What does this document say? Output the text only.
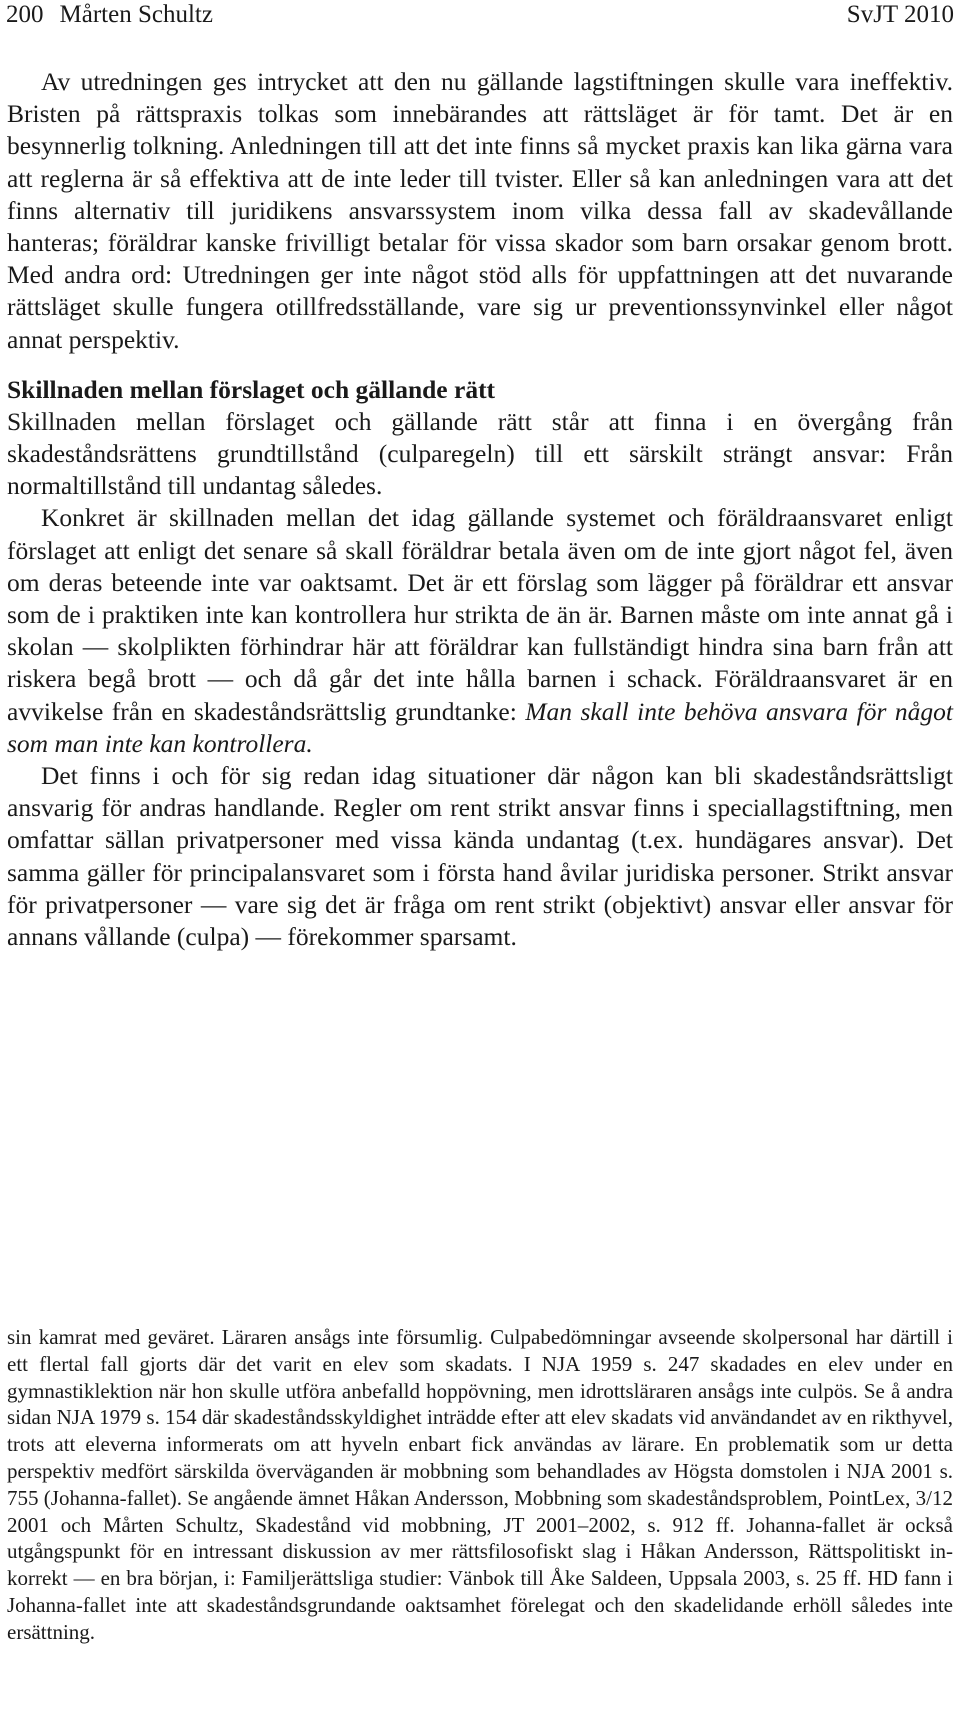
200 Mårten Schultz	SvJT 2010

Av utredningen ges intrycket att den nu gällande lagstiftningen skulle vara ineffektiv. Bristen på rättspraxis tolkas som innebärandes att rättsläget är för tamt. Det är en besynnerlig tolkning. Anledningen till att det inte finns så mycket praxis kan lika gärna vara att reglerna är så effektiva att de inte leder till tvister. Eller så kan anledningen vara att det finns alternativ till juridikens ansvarssystem inom vilka dessa fall av skadevållande hanteras; föräldrar kanske frivilligt betalar för vissa skador som barn orsakar genom brott. Med andra ord: Utredningen ger inte något stöd alls för uppfattningen att det nuvarande rättsläget skulle fungera otillfredsställande, vare sig ur preventionssynvinkel eller något annat perspektiv.

Skillnaden mellan förslaget och gällande rätt

Skillnaden mellan förslaget och gällande rätt står att finna i en övergång från skadeståndsrättens grundtillstånd (culparegeln) till ett särskilt strängt ansvar: Från normaltillstånd till undantag således.

Konkret är skillnaden mellan det idag gällande systemet och föräldraansvaret enligt förslaget att enligt det senare så skall föräldrar betala även om de inte gjort något fel, även om deras beteende inte var oaktsamt. Det är ett förslag som lägger på föräldrar ett ansvar som de i praktiken inte kan kontrollera hur strikta de än är. Barnen måste om inte annat gå i skolan — skolplikten förhindrar här att föräldrar kan fullständigt hindra sina barn från att riskera begå brott — och då går det inte hålla barnen i schack. Föräldraansvaret är en avvikelse från en skadeståndsrättslig grundtanke: Man skall inte behöva ansvara för något som man inte kan kontrollera.

Det finns i och för sig redan idag situationer där någon kan bli skadeståndsrättsligt ansvarig för andras handlande. Regler om rent strikt ansvar finns i speciallagstiftning, men omfattar sällan privatpersoner med vissa kända undantag (t.ex. hundägares ansvar). Det samma gäller för principalansvaret som i första hand åvilar juridiska personer. Strikt ansvar för privatpersoner — vare sig det är fråga om rent strikt (objektivt) ansvar eller ansvar för annans vållande (culpa) — förekommer sparsamt.

sin kamrat med geväret. Läraren ansågs inte försumlig. Culpabedömningar avseende skolpersonal har därtill i ett flertal fall gjorts där det varit en elev som skadats. I NJA 1959 s. 247 skadades en elev under en gymnastiklektion när hon skulle utföra anbefalld hoppövning, men idrottsläraren ansågs inte culpös. Se å andra sidan NJA 1979 s. 154 där skadeståndsskyldighet inträdde efter att elev skadats vid användandet av en rikthyvel, trots att eleverna informerats om att hyveln enbart fick användas av lärare. En problematik som ur detta perspektiv medfört särskilda överväganden är mobbning som behandlades av Högsta domstolen i NJA 2001 s. 755 (Johanna-fallet). Se angående ämnet Håkan Andersson, Mobbning som skadeståndsproblem, PointLex, 3/12 2001 och Mårten Schultz, Skadestånd vid mobbning, JT 2001–2002, s. 912 ff. Johanna-fallet är också utgångspunkt för en intressant diskussion av mer rättsfilosofiskt slag i Håkan Andersson, Rättspolitiskt inkorrekt — en bra början, i: Familjerättsliga studier: Vänbok till Åke Saldeen, Uppsala 2003, s. 25 ff. HD fann i Johanna-fallet inte att skadeståndsgrundande oaktsamhet förelegat och den skadelidande erhöll således inte ersättning.
